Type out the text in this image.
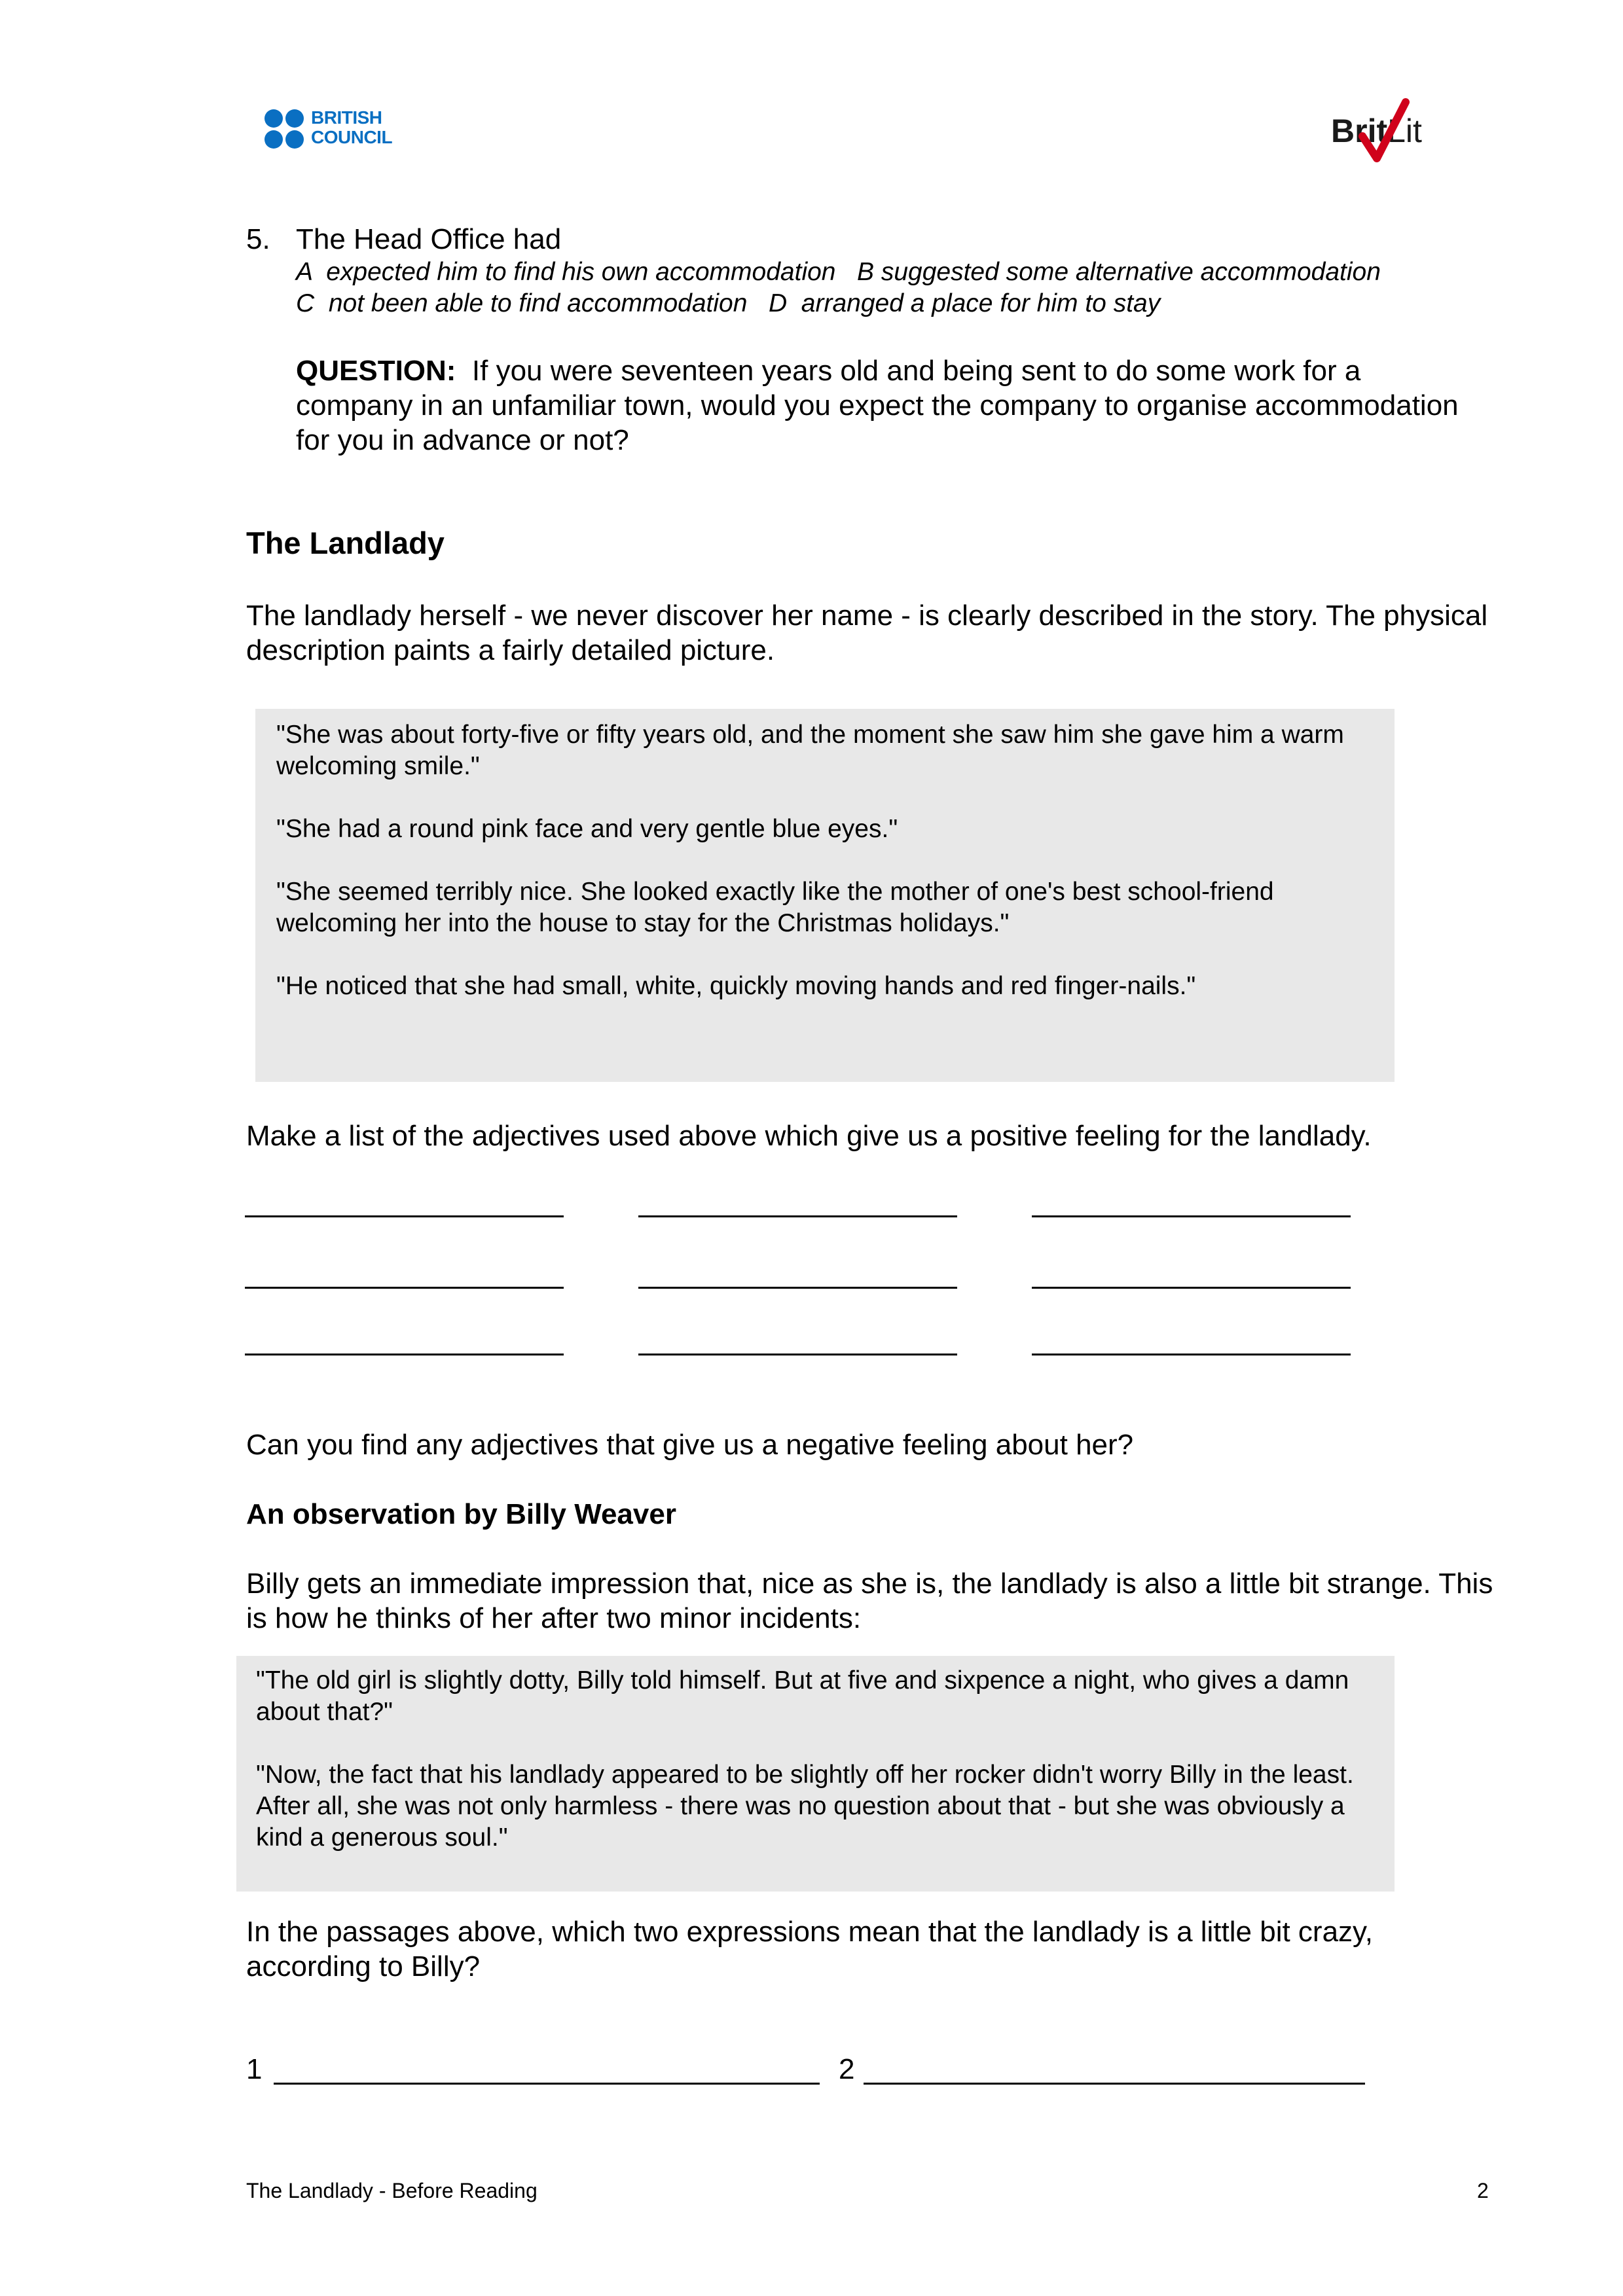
BRITISH
COUNCIL	BritLit
5. The Head Office had
A  expected him to find his own accommodation   B suggested some alternative accommodation
C  not been able to find accommodation   D  arranged a place for him to stay
QUESTION: If you were seventeen years old and being sent to do some work for a company in an unfamiliar town, would you expect the company to organise accommodation for you in advance or not?
The Landlady
The landlady herself - we never discover her name - is clearly described in the story. The physical description paints a fairly detailed picture.

"She was about forty-five or fifty years old, and the moment she saw him she gave him a warm welcoming smile."

"She had a round pink face and very gentle blue eyes."

"She seemed terribly nice. She looked exactly like the mother of one's best school-friend welcoming her into the house to stay for the Christmas holidays."

"He noticed that she had small, white, quickly moving hands and red finger-nails."

Make a list of the adjectives used above which give us a positive feeling for the landlady.
Can you find any adjectives that give us a negative feeling about her?
An observation by Billy Weaver
Billy gets an immediate impression that, nice as she is, the landlady is also a little bit strange. This is how he thinks of her after two minor incidents:

"The old girl is slightly dotty, Billy told himself. But at five and sixpence a night, who gives a damn about that?"

"Now, the fact that his landlady appeared to be slightly off her rocker didn't worry Billy in the least. After all, she was not only harmless - there was no question about that - but she was obviously a kind a generous soul."

In the passages above, which two expressions mean that the landlady is a little bit crazy, according to Billy?
1	2
The Landlady - Before Reading	2
